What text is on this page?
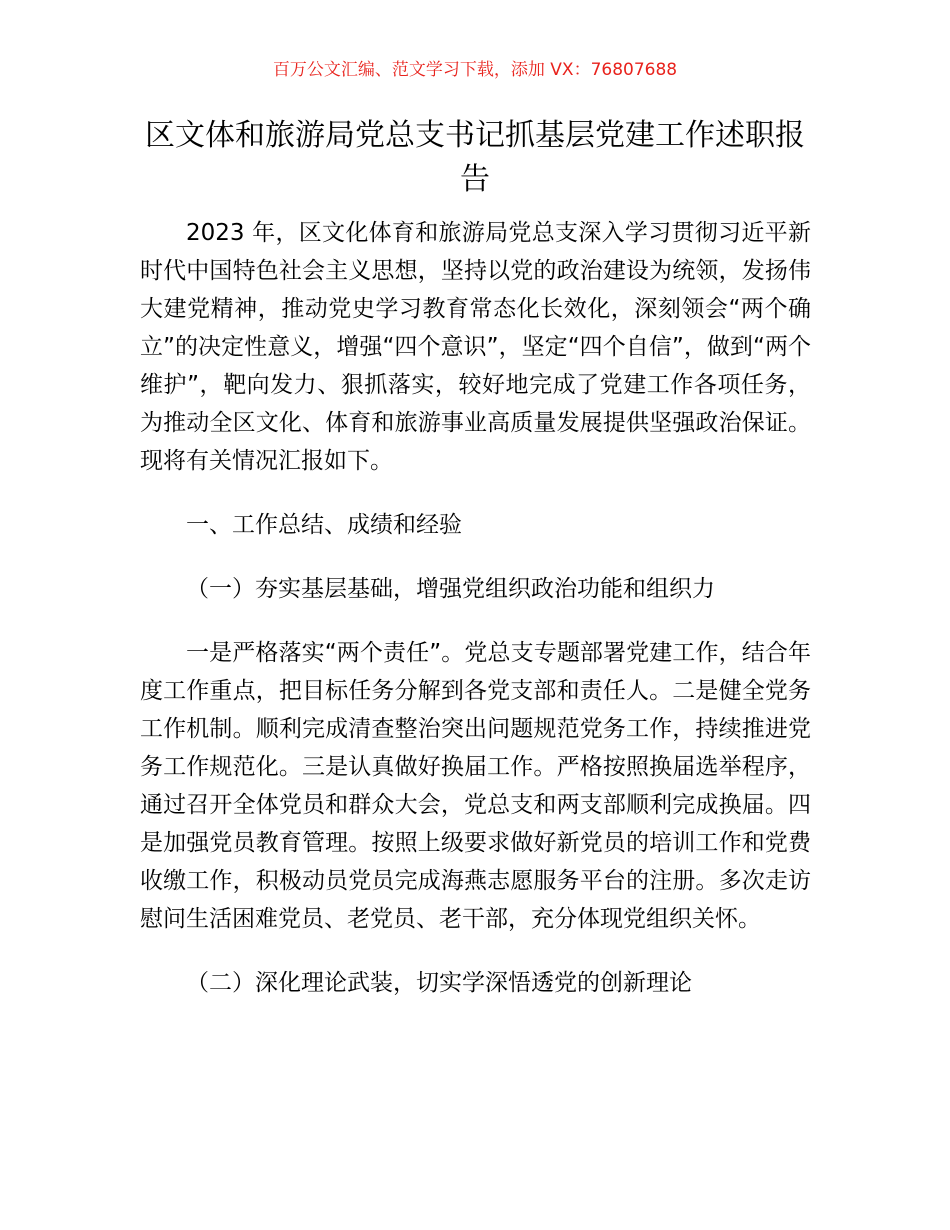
百万公文汇编、范文学习下载，添加 VX：76807688
区文体和旅游局党总支书记抓基层党建工作述职报告

2023 年，区文化体育和旅游局党总支深入学习贯彻习近平新时代中国特色社会主义思想，坚持以党的政治建设为统领，发扬伟大建党精神，推动党史学习教育常态化长效化，深刻领会“两个确立”的决定性意义，增强“四个意识”，坚定“四个自信”，做到“两个维护”，靶向发力、狠抓落实，较好地完成了党建工作各项任务，为推动全区文化、体育和旅游事业高质量发展提供坚强政治保证。现将有关情况汇报如下。

一、工作总结、成绩和经验

（一）夯实基层基础，增强党组织政治功能和组织力

一是严格落实“两个责任”。党总支专题部署党建工作，结合年度工作重点，把目标任务分解到各党支部和责任人。二是健全党务工作机制。顺利完成清查整治突出问题规范党务工作，持续推进党务工作规范化。三是认真做好换届工作。严格按照换届选举程序，通过召开全体党员和群众大会，党总支和两支部顺利完成换届。四是加强党员教育管理。按照上级要求做好新党员的培训工作和党费收缴工作，积极动员党员完成海燕志愿服务平台的注册。多次走访慰问生活困难党员、老党员、老干部，充分体现党组织关怀。

（二）深化理论武装，切实学深悟透党的创新理论
